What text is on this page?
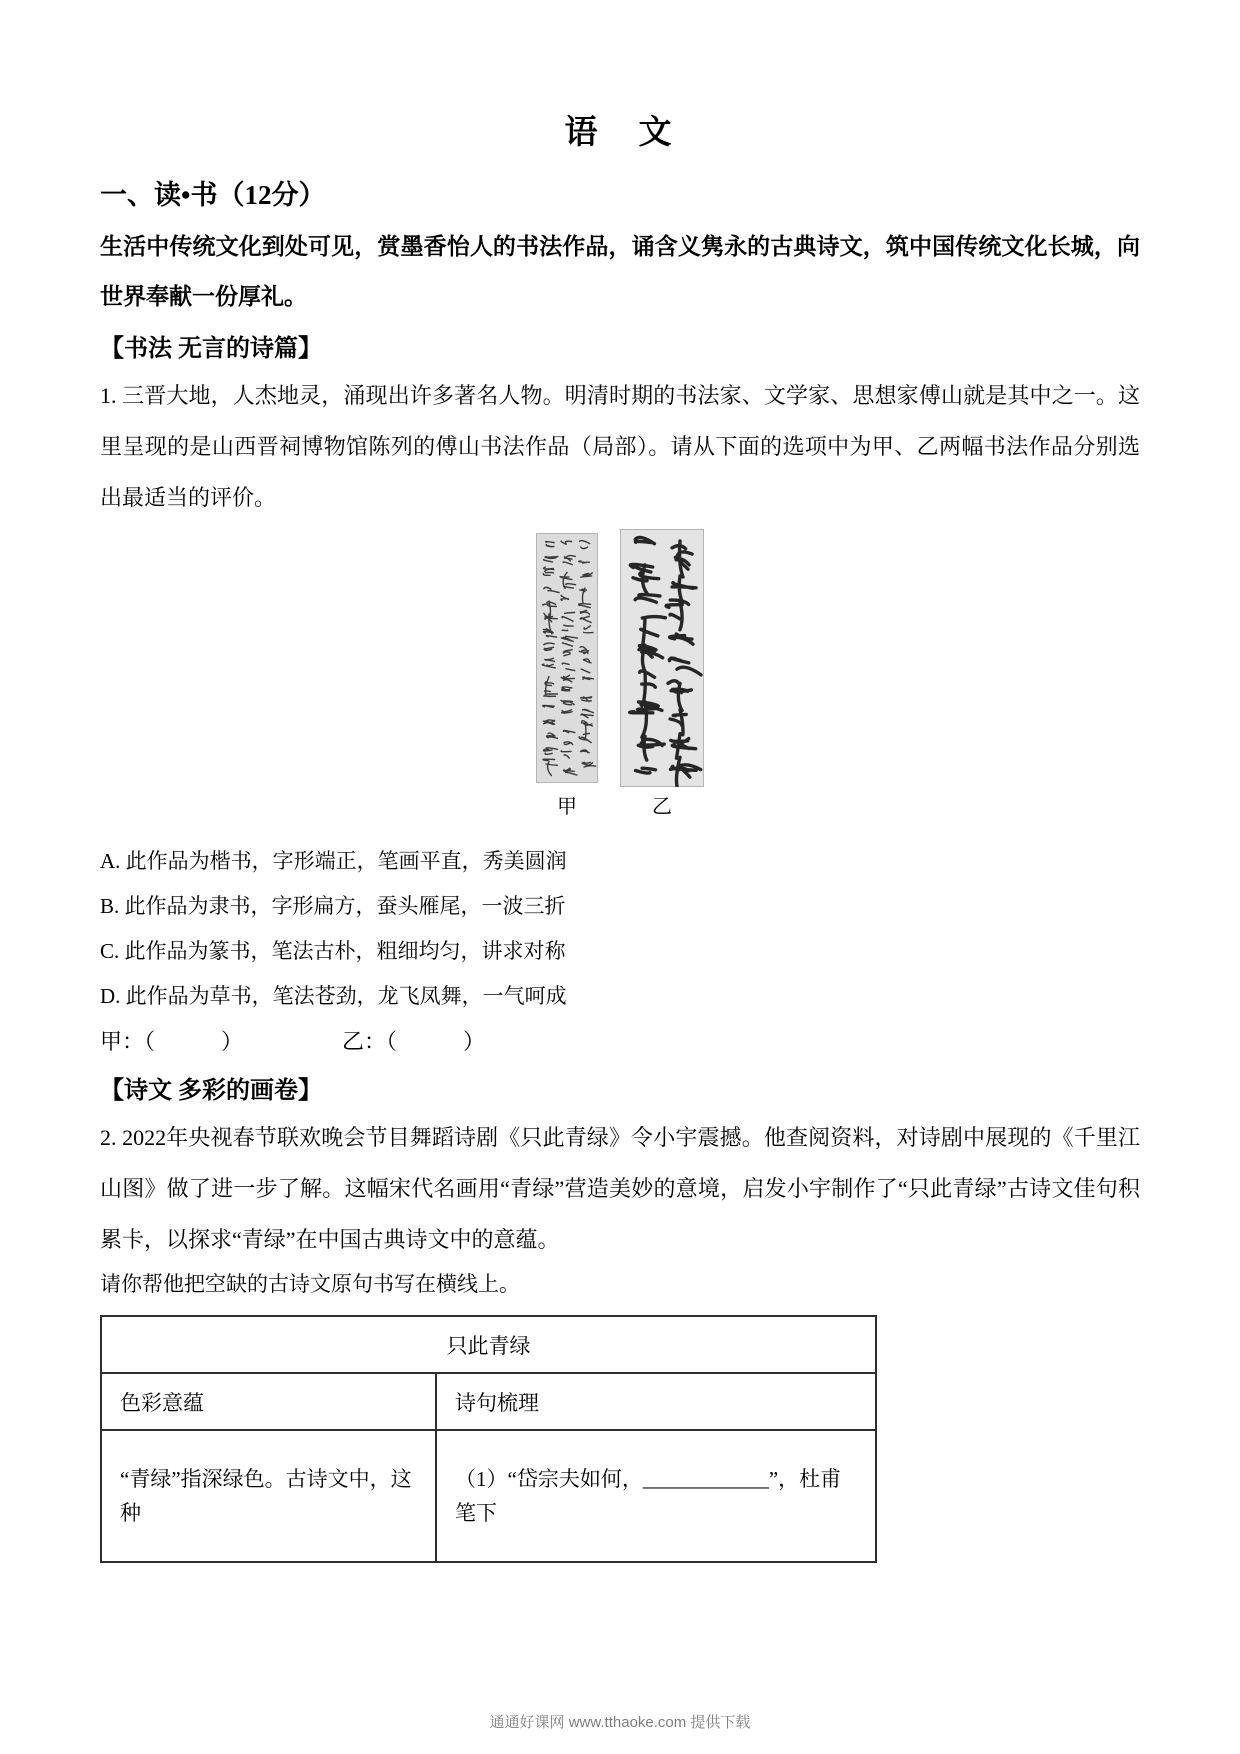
语　文
一、读•书（12分）

生活中传统文化到处可见，赏墨香怡人的书法作品，诵含义隽永的古典诗文，筑中国传统文化长城，向世界奉献一份厚礼。

【书法 无言的诗篇】

1. 三晋大地，人杰地灵，涌现出许多著名人物。明清时期的书法家、文学家、思想家傅山就是其中之一。这里呈现的是山西晋祠博物馆陈列的傅山书法作品（局部）。请从下面的选项中为甲、乙两幅书法作品分别选出最适当的评价。

甲	乙

A. 此作品为楷书，字形端正，笔画平直，秀美圆润

B. 此作品为隶书，字形扁方，蚕头雁尾，一波三折

C. 此作品为篆书，笔法古朴，粗细均匀，讲求对称

D. 此作品为草书，笔法苍劲，龙飞凤舞，一气呵成

甲：（　　　）　　　　　乙：（　　　）

【诗文 多彩的画卷】

2. 2022年央视春节联欢晚会节目舞蹈诗剧《只此青绿》令小宇震撼。他查阅资料，对诗剧中展现的《千里江山图》做了进一步了解。这幅宋代名画用“青绿”营造美妙的意境，启发小宇制作了“只此青绿”古诗文佳句积累卡，以探求“青绿”在中国古典诗文中的意蕴。

请你帮他把空缺的古诗文原句书写在横线上。

只此青绿	
色彩意蕴	诗句梳理
“青绿”指深绿色。古诗文中，这种	（1）“岱宗夫如何，____________”，杜甫笔下
通通好课网 www.tthaoke.com 提供下载
